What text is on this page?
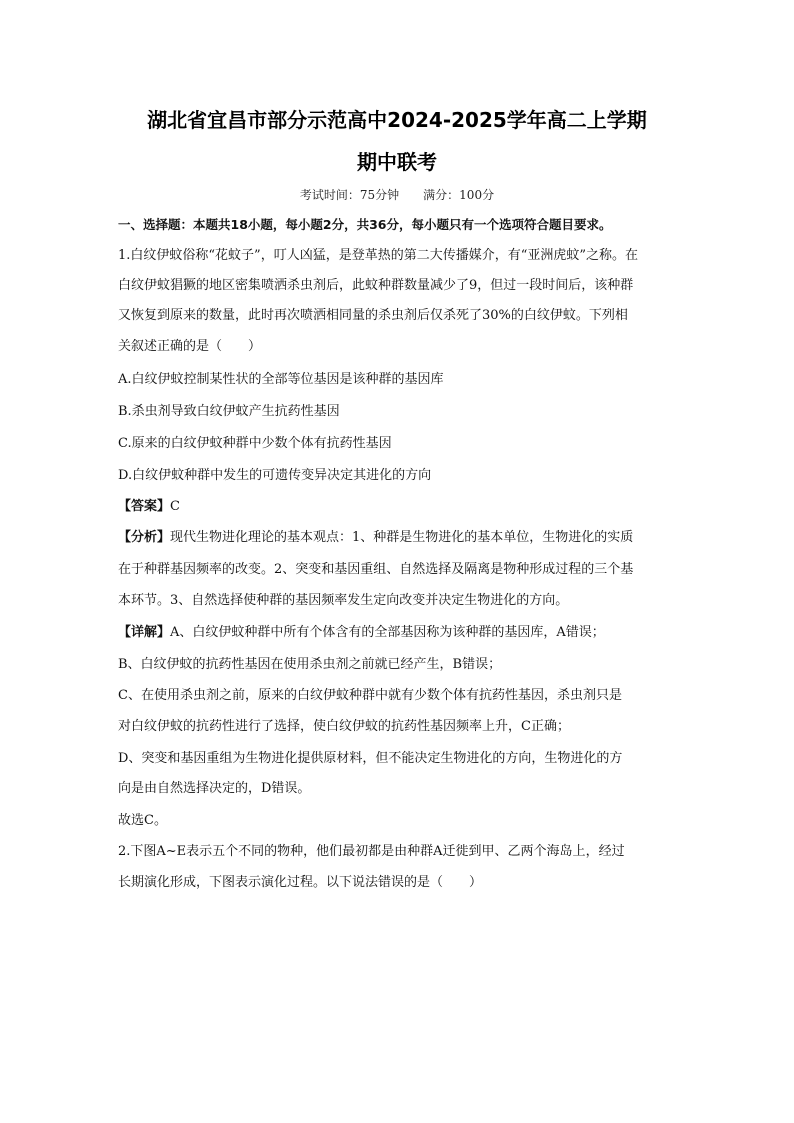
湖北省宜昌市部分示范高中2024-2025学年高二上学期
期中联考
考试时间：75分钟　　满分：100分
一、选择题：本题共18小题，每小题2分，共36分，每小题只有一个选项符合题目要求。
1.白纹伊蚊俗称“花蚊子”，叮人凶猛，是登革热的第二大传播媒介，有“亚洲虎蚊”之称。在
白纹伊蚊猖獗的地区密集喷洒杀虫剂后，此蚊种群数量减少了9，但过一段时间后，该种群
又恢复到原来的数量，此时再次喷洒相同量的杀虫剂后仅杀死了30%的白纹伊蚊。下列相
关叙述正确的是（　　）
A.白纹伊蚊控制某性状的全部等位基因是该种群的基因库
B.杀虫剂导致白纹伊蚊产生抗药性基因
C.原来的白纹伊蚊种群中少数个体有抗药性基因
D.白纹伊蚊种群中发生的可遗传变异决定其进化的方向
【答案】C
【分析】现代生物进化理论的基本观点：1、种群是生物进化的基本单位，生物进化的实质
在于种群基因频率的改变。2、突变和基因重组、自然选择及隔离是物种形成过程的三个基
本环节。3、自然选择使种群的基因频率发生定向改变并决定生物进化的方向。
【详解】A、白纹伊蚊种群中所有个体含有的全部基因称为该种群的基因库，A错误；
B、白纹伊蚊的抗药性基因在使用杀虫剂之前就已经产生，B错误；
C、在使用杀虫剂之前，原来的白纹伊蚊种群中就有少数个体有抗药性基因，杀虫剂只是
对白纹伊蚊的抗药性进行了选择，使白纹伊蚊的抗药性基因频率上升，C正确；
D、突变和基因重组为生物进化提供原材料，但不能决定生物进化的方向，生物进化的方
向是由自然选择决定的，D错误。
故选C。
2.下图A~E表示五个不同的物种，他们最初都是由种群A迁徙到甲、乙两个海岛上，经过
长期演化形成，下图表示演化过程。以下说法错误的是（　　）
